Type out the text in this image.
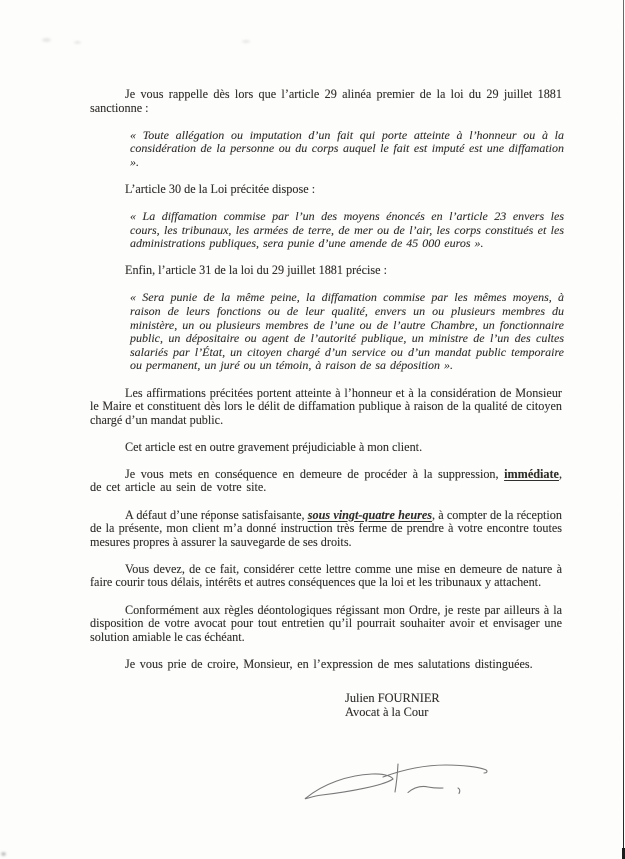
Je vous rappelle dès lors que l’article 29 alinéa premier de la loi du 29 juillet 1881 sanctionne :

« Toute allégation ou imputation d’un fait qui porte atteinte à l’honneur ou à la considération de la personne ou du corps auquel le fait est imputé est une diffamation ».

L’article 30 de la Loi précitée dispose :

« La diffamation commise par l’un des moyens énoncés en l’article 23 envers les cours, les tribunaux, les armées de terre, de mer ou de l’air, les corps constitués et les administrations publiques, sera punie d’une amende de 45 000 euros ».

Enfin, l’article 31 de la loi du 29 juillet 1881 précise :

« Sera punie de la même peine, la diffamation commise par les mêmes moyens, à raison de leurs fonctions ou de leur qualité, envers un ou plusieurs membres du ministère, un ou plusieurs membres de l’une ou de l’autre Chambre, un fonctionnaire public, un dépositaire ou agent de l’autorité publique, un ministre de l’un des cultes salariés par l’État, un citoyen chargé d’un service ou d’un mandat public temporaire ou permanent, un juré ou un témoin, à raison de sa déposition ».

Les affirmations précitées portent atteinte à l’honneur et à la considération de Monsieur le Maire et constituent dès lors le délit de diffamation publique à raison de la qualité de citoyen chargé d’un mandat public.

Cet article est en outre gravement préjudiciable à mon client.

Je vous mets en conséquence en demeure de procéder à la suppression, immédiate, de cet article au sein de votre site.

A défaut d’une réponse satisfaisante, sous vingt-quatre heures, à compter de la réception de la présente, mon client m’a donné instruction très ferme de prendre à votre encontre toutes mesures propres à assurer la sauvegarde de ses droits.

Vous devez, de ce fait, considérer cette lettre comme une mise en demeure de nature à faire courir tous délais, intérêts et autres conséquences que la loi et les tribunaux y attachent.

Conformément aux règles déontologiques régissant mon Ordre, je reste par ailleurs à la disposition de votre avocat pour tout entretien qu’il pourrait souhaiter avoir et envisager une solution amiable le cas échéant.

Je vous prie de croire, Monsieur, en l’expression de mes salutations distinguées.

Julien FOURNIER
Avocat à la Cour
